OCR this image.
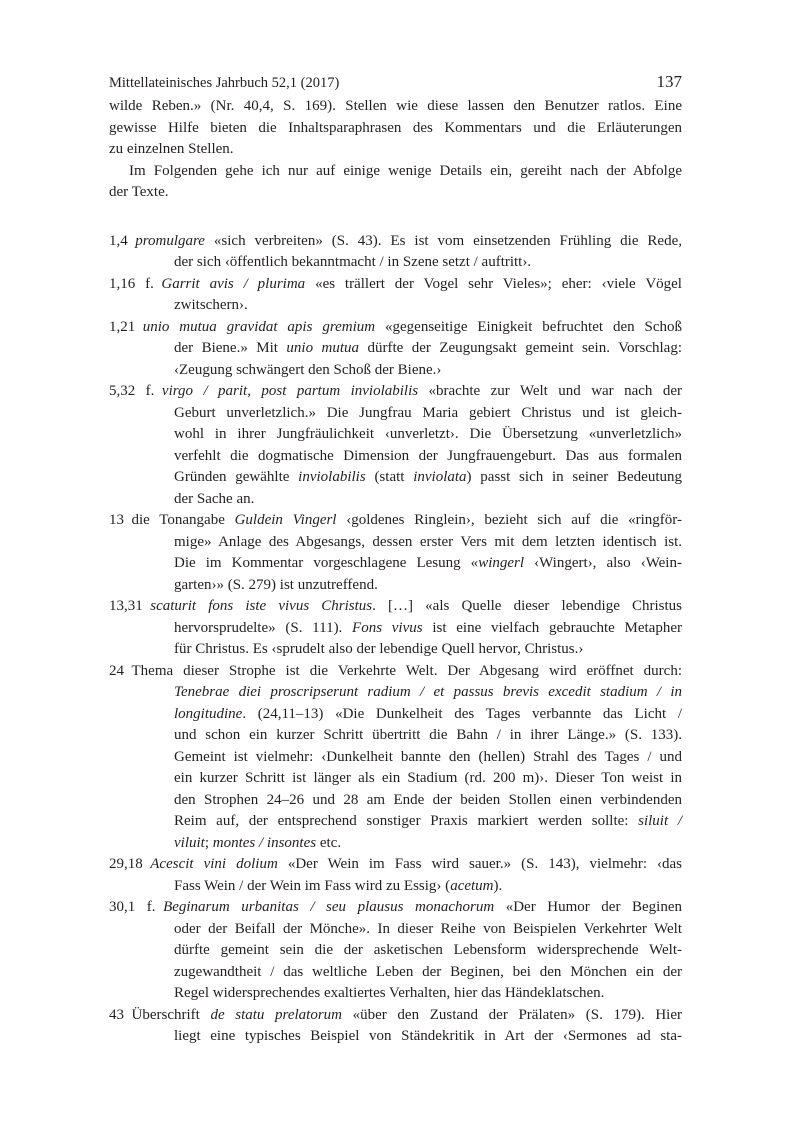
Mittellateinisches Jahrbuch 52,1 (2017)	137
wilde Reben.» (Nr. 40,4, S. 169). Stellen wie diese lassen den Benutzer ratlos. Eine
gewisse Hilfe bieten die Inhaltsparaphrasen des Kommentars und die Erläuterungen
zu einzelnen Stellen.
Im Folgenden gehe ich nur auf einige wenige Details ein, gereiht nach der Abfolge
der Texte.
1,4  promulgare «sich verbreiten» (S. 43). Es ist vom einsetzenden Frühling die Rede,
der sich ‹öffentlich bekanntmacht / in Szene setzt / auftritt›.
1,16 f.  Garrit avis / plurima «es trällert der Vogel sehr Vieles»; eher: ‹viele Vögel
zwitschern›.
1,21  unio mutua gravidat apis gremium «gegenseitige Einigkeit befruchtet den Schoß
der Biene.» Mit unio mutua dürfte der Zeugungsakt gemeint sein. Vorschlag:
‹Zeugung schwängert den Schoß der Biene.›
5,32 f.  virgo / parit, post partum inviolabilis «brachte zur Welt und war nach der
Geburt unverletzlich.» Die Jungfrau Maria gebiert Christus und ist gleich-
wohl in ihrer Jungfräulichkeit ‹unverletzt›. Die Übersetzung «unverletzlich»
verfehlt die dogmatische Dimension der Jungfrauengeburt. Das aus formalen
Gründen gewählte inviolabilis (statt inviolata) passt sich in seiner Bedeutung
der Sache an.
13  die Tonangabe Guldein Vingerl ‹goldenes Ringlein›, bezieht sich auf die «ringför-
mige» Anlage des Abgesangs, dessen erster Vers mit dem letzten identisch ist.
Die im Kommentar vorgeschlagene Lesung «wingerl ‹Wingert›, also ‹Wein-
garten›» (S. 279) ist unzutreffend.
13,31  scaturit fons iste vivus Christus. […] «als Quelle dieser lebendige Christus
hervorsprudelte» (S. 111). Fons vivus ist eine vielfach gebrauchte Metapher
für Christus. Es ‹sprudelt also der lebendige Quell hervor, Christus.›
24  Thema dieser Strophe ist die Verkehrte Welt. Der Abgesang wird eröffnet durch:
Tenebrae diei proscripserunt radium / et passus brevis excedit stadium / in
longitudine. (24,11–13) «Die Dunkelheit des Tages verbannte das Licht /
und schon ein kurzer Schritt übertritt die Bahn / in ihrer Länge.» (S. 133).
Gemeint ist vielmehr: ‹Dunkelheit bannte den (hellen) Strahl des Tages / und
ein kurzer Schritt ist länger als ein Stadium (rd. 200 m)›. Dieser Ton weist in
den Strophen 24–26 und 28 am Ende der beiden Stollen einen verbindenden
Reim auf, der entsprechend sonstiger Praxis markiert werden sollte: siluit /
viluit; montes / insontes etc.
29,18  Acescit vini dolium «Der Wein im Fass wird sauer.» (S. 143), vielmehr: ‹das
Fass Wein / der Wein im Fass wird zu Essig› (acetum).
30,1 f.  Beginarum urbanitas / seu plausus monachorum «Der Humor der Beginen
oder der Beifall der Mönche». In dieser Reihe von Beispielen Verkehrter Welt
dürfte gemeint sein die der asketischen Lebensform widersprechende Welt-
zugewandtheit / das weltliche Leben der Beginen, bei den Mönchen ein der
Regel widersprechendes exaltiertes Verhalten, hier das Händeklatschen.
43  Überschrift de statu prelatorum «über den Zustand der Prälaten» (S. 179). Hier
liegt eine typisches Beispiel von Ständekritik in Art der ‹Sermones ad sta-
